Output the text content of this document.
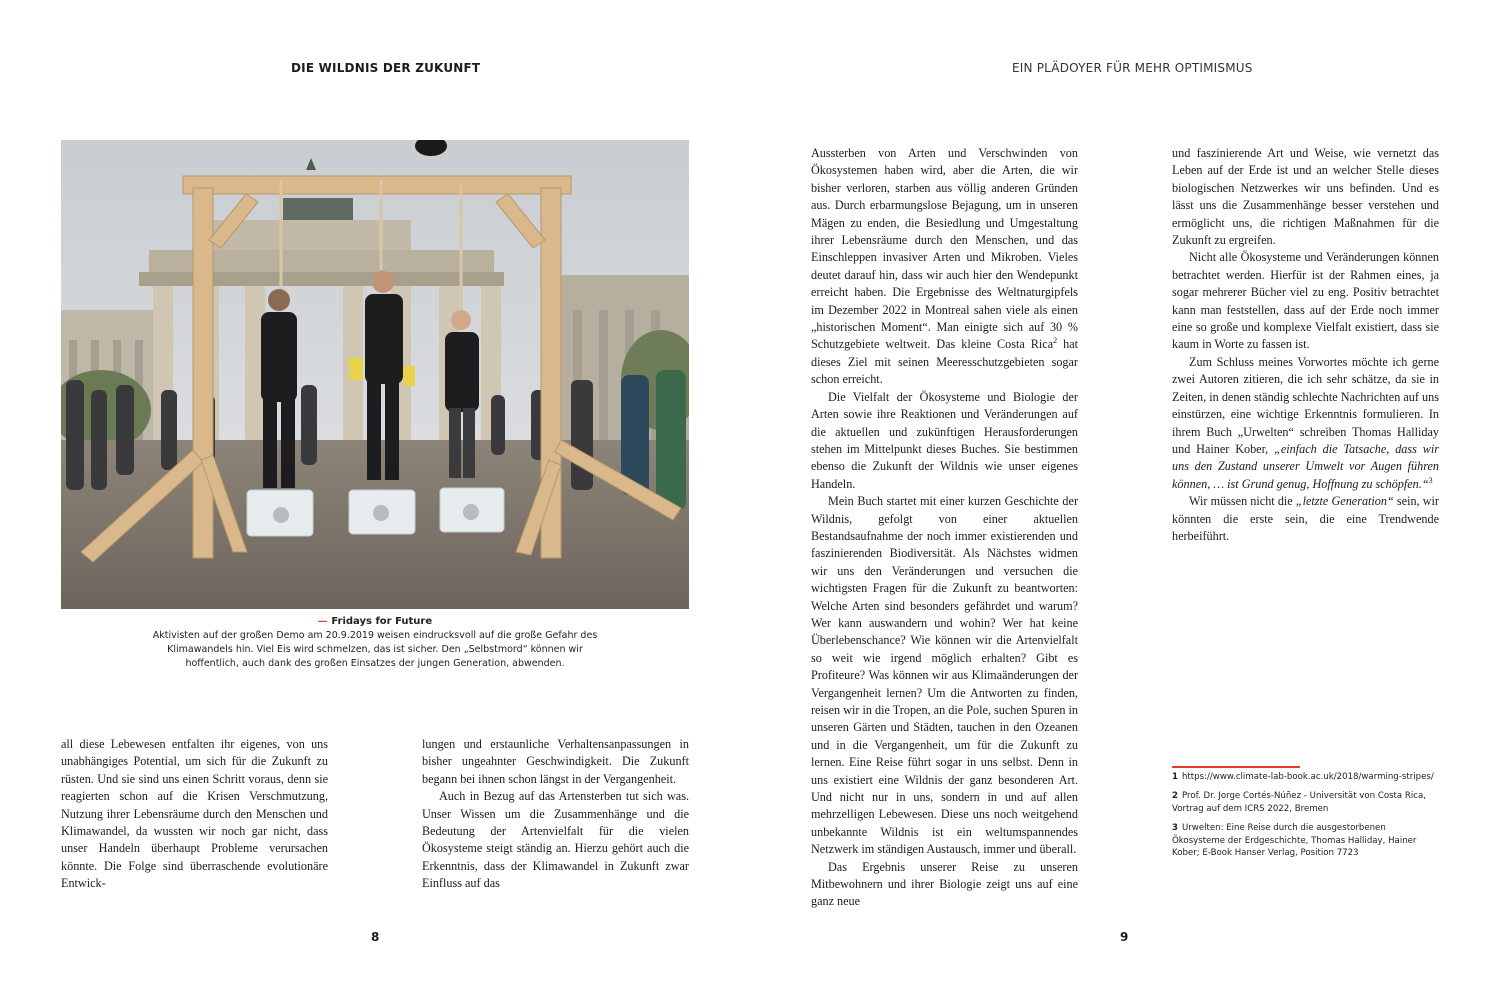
DIE WILDNIS DER ZUKUNFT	EIN PLÄDOYER FÜR MEHR OPTIMISMUS
— Fridays for Future
Aktivisten auf der großen Demo am 20.9.2019 weisen eindrucksvoll auf die große Gefahr des Klimawandels hin. Viel Eis wird schmelzen, das ist sicher. Den „Selbstmord“ können wir hoffentlich, auch dank des großen Einsatzes der jungen Generation, abwenden.

all diese Lebewesen entfalten ihr eigenes, von uns unabhängiges Potential, um sich für die Zukunft zu rüsten. Und sie sind uns einen Schritt voraus, denn sie reagierten schon auf die Krisen Verschmutzung, Nutzung ihrer Lebensräume durch den Menschen und Klimawandel, da wussten wir noch gar nicht, dass unser Handeln überhaupt Probleme verursachen könnte. Die Folge sind überraschende evolutionäre Entwick-

lungen und erstaunliche Verhaltensanpassungen in bisher ungeahnter Geschwindigkeit. Die Zukunft begann bei ihnen schon längst in der Vergangenheit.

Auch in Bezug auf das Artensterben tut sich was. Unser Wissen um die Zusammenhänge und die Bedeutung der Artenvielfalt für die vielen Ökosysteme steigt ständig an. Hierzu gehört auch die Erkenntnis, dass der Klimawandel in Zukunft zwar Einfluss auf das

Aussterben von Arten und Verschwinden von Ökosystemen haben wird, aber die Arten, die wir bisher verloren, starben aus völlig anderen Gründen aus. Durch erbarmungslose Bejagung, um in unseren Mägen zu enden, die Besiedlung und Umgestaltung ihrer Lebensräume durch den Menschen, und das Einschleppen invasiver Arten und Mikroben. Vieles deutet darauf hin, dass wir auch hier den Wendepunkt erreicht haben. Die Ergebnisse des Weltnaturgipfels im Dezember 2022 in Montreal sahen viele als einen „historischen Moment“. Man einigte sich auf 30 % Schutzgebiete weltweit. Das kleine Costa Rica$^2$ hat dieses Ziel mit seinen Meeresschutzgebieten sogar schon erreicht.

Die Vielfalt der Ökosysteme und Biologie der Arten sowie ihre Reaktionen und Veränderungen auf die aktuellen und zukünftigen Herausforderungen stehen im Mittelpunkt dieses Buches. Sie bestimmen ebenso die Zukunft der Wildnis wie unser eigenes Handeln.

Mein Buch startet mit einer kurzen Geschichte der Wildnis, gefolgt von einer aktuellen Bestandsaufnahme der noch immer existierenden und faszinierenden Biodiversität. Als Nächstes widmen wir uns den Veränderungen und versuchen die wichtigsten Fragen für die Zukunft zu beantworten: Welche Arten sind besonders gefährdet und warum? Wer kann auswandern und wohin? Wer hat keine Überlebenschance? Wie können wir die Artenvielfalt so weit wie irgend möglich erhalten? Gibt es Profiteure? Was können wir aus Klimaänderungen der Vergangenheit lernen? Um die Antworten zu finden, reisen wir in die Tropen, an die Pole, suchen Spuren in unseren Gärten und Städten, tauchen in den Ozeanen und in die Vergangenheit, um für die Zukunft zu lernen. Eine Reise führt sogar in uns selbst. Denn in uns existiert eine Wildnis der ganz besonderen Art. Und nicht nur in uns, sondern in und auf allen mehrzelligen Lebewesen. Diese uns noch weitgehend unbekannte Wildnis ist ein weltumspannendes Netzwerk im ständigen Austausch, immer und überall.

Das Ergebnis unserer Reise zu unseren Mitbewohnern und ihrer Biologie zeigt uns auf eine ganz neue

und faszinierende Art und Weise, wie vernetzt das Leben auf der Erde ist und an welcher Stelle dieses biologischen Netzwerkes wir uns befinden. Und es lässt uns die Zusammenhänge besser verstehen und ermöglicht uns, die richtigen Maßnahmen für die Zukunft zu ergreifen.

Nicht alle Ökosysteme und Veränderungen können betrachtet werden. Hierfür ist der Rahmen eines, ja sogar mehrerer Bücher viel zu eng. Positiv betrachtet kann man feststellen, dass auf der Erde noch immer eine so große und komplexe Vielfalt existiert, dass sie kaum in Worte zu fassen ist.

Zum Schluss meines Vorwortes möchte ich gerne zwei Autoren zitieren, die ich sehr schätze, da sie in Zeiten, in denen ständig schlechte Nachrichten auf uns einstürzen, eine wichtige Erkenntnis formulieren. In ihrem Buch „Urwelten“ schreiben Thomas Halliday und Hainer Kober, „einfach die Tatsache, dass wir uns den Zustand unserer Umwelt vor Augen führen können, … ist Grund genug, Hoffnung zu schöpfen.“$^3$

Wir müssen nicht die „letzte Generation“ sein, wir könnten die erste sein, die eine Trendwende herbeiführt.

1 https://www.climate-lab-book.ac.uk/2018/warming-stripes/
2 Prof. Dr. Jorge Cortés-Núñez - Universität von Costa Rica, Vortrag auf dem ICRS 2022, Bremen
3 Urwelten: Eine Reise durch die ausgestorbenen Ökosysteme der Erdgeschichte, Thomas Halliday, Hainer Kober; E-Book Hanser Verlag, Position 7723
8	9
